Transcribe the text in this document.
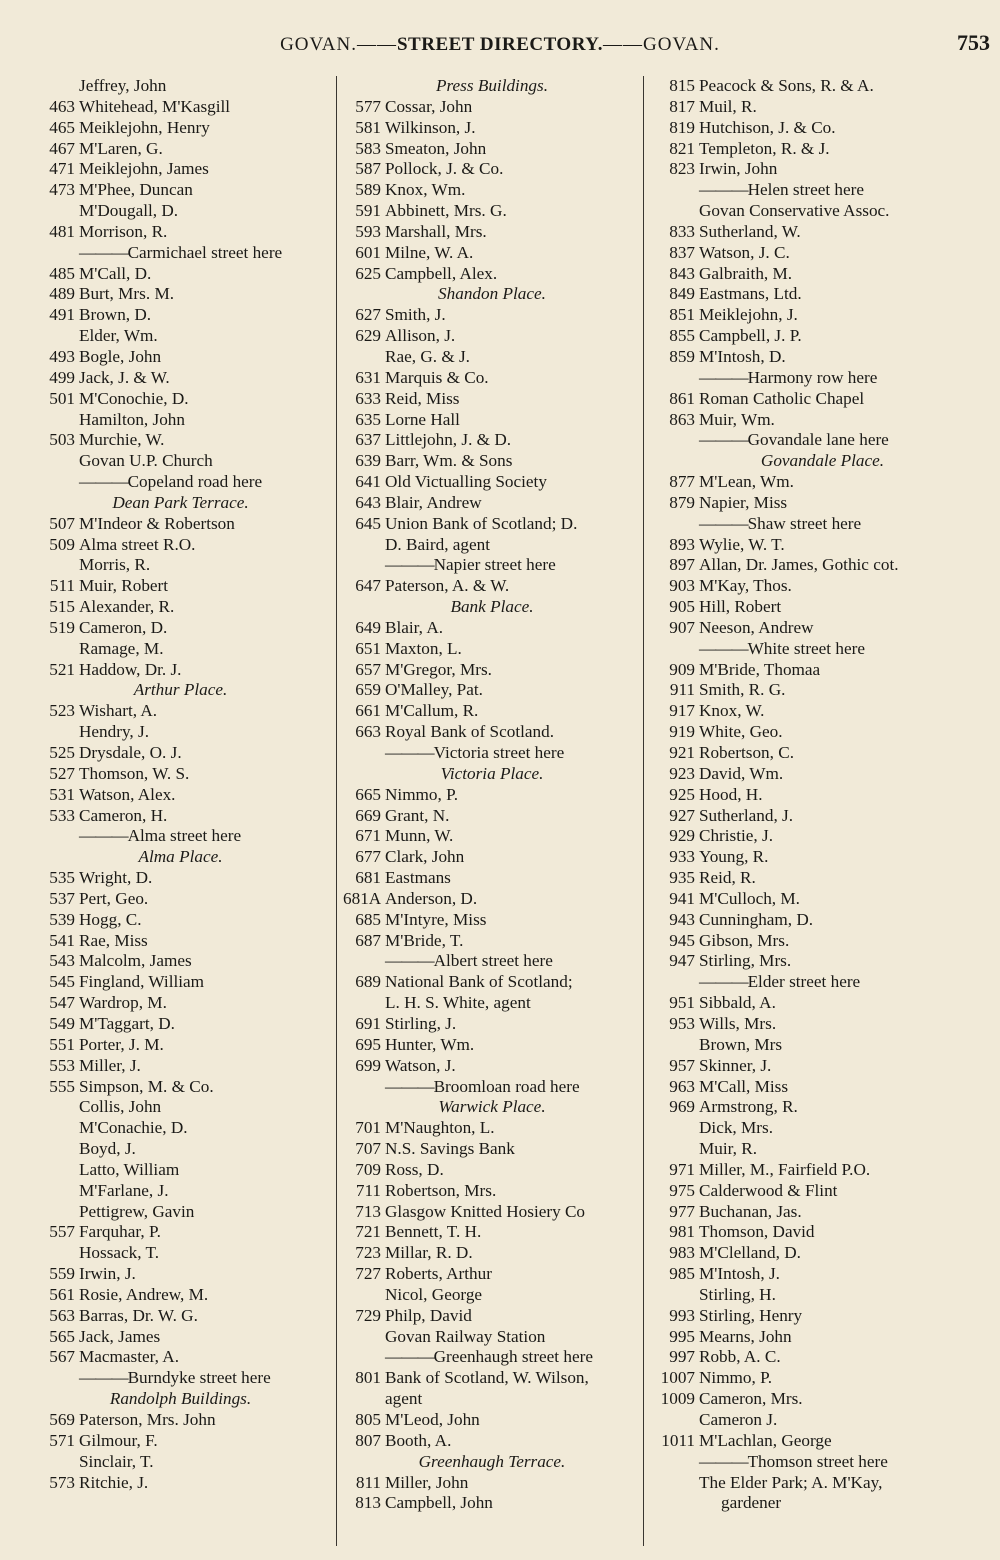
GOVAN.——STREET DIRECTORY.——GOVAN.	753
Jeffrey, John
463 Whitehead, M'Kasgill
465 Meiklejohn, Henry
467 M'Laren, G.
471 Meiklejohn, James
473 M'Phee, Duncan
M'Dougall, D.
481 Morrison, R.
——— Carmichael street here
485 M'Call, D.
489 Burt, Mrs. M.
491 Brown, D.
Elder, Wm.
493 Bogle, John
499 Jack, J. & W.
501 M'Conochie, D.
Hamilton, John
503 Murchie, W.
Govan U.P. Church
——— Copeland road here
Dean Park Terrace.
507 M'Indeor & Robertson
509 Alma street R.O.
Morris, R.
511 Muir, Robert
515 Alexander, R.
519 Cameron, D.
Ramage, M.
521 Haddow, Dr. J.
Arthur Place.
523 Wishart, A.
Hendry, J.
525 Drysdale, O. J.
527 Thomson, W. S.
531 Watson, Alex.
533 Cameron, H.
——— Alma street here
Alma Place.
535 Wright, D.
537 Pert, Geo.
539 Hogg, C.
541 Rae, Miss
543 Malcolm, James
545 Fingland, William
547 Wardrop, M.
549 M'Taggart, D.
551 Porter, J. M.
553 Miller, J.
555 Simpson, M. & Co.
Collis, John
M'Conachie, D.
Boyd, J.
Latto, William
M'Farlane, J.
Pettigrew, Gavin
557 Farquhar, P.
Hossack, T.
559 Irwin, J.
561 Rosie, Andrew, M.
563 Barras, Dr. W. G.
565 Jack, James
567 Macmaster, A.
——— Burndyke street here
Randolph Buildings.
569 Paterson, Mrs. John
571 Gilmour, F.
Sinclair, T.
573 Ritchie, J.
Press Buildings.
577 Cossar, John
581 Wilkinson, J.
583 Smeaton, John
587 Pollock, J. & Co.
589 Knox, Wm.
591 Abbinett, Mrs. G.
593 Marshall, Mrs.
601 Milne, W. A.
625 Campbell, Alex.
Shandon Place.
627 Smith, J.
629 Allison, J.
Rae, G. & J.
631 Marquis & Co.
633 Reid, Miss
635 Lorne Hall
637 Littlejohn, J. & D.
639 Barr, Wm. & Sons
641 Old Victualling Society
643 Blair, Andrew
645 Union Bank of Scotland; D.
D. Baird, agent
——— Napier street here
647 Paterson, A. & W.
Bank Place.
649 Blair, A.
651 Maxton, L.
657 M'Gregor, Mrs.
659 O'Malley, Pat.
661 M'Callum, R.
663 Royal Bank of Scotland.
——— Victoria street here
Victoria Place.
665 Nimmo, P.
669 Grant, N.
671 Munn, W.
677 Clark, John
681 Eastmans
681A Anderson, D.
685 M'Intyre, Miss
687 M'Bride, T.
——— Albert street here
689 National Bank of Scotland;
L. H. S. White, agent
691 Stirling, J.
695 Hunter, Wm.
699 Watson, J.
——— Broomloan road here
Warwick Place.
701 M'Naughton, L.
707 N.S. Savings Bank
709 Ross, D.
711 Robertson, Mrs.
713 Glasgow Knitted Hosiery Co
721 Bennett, T. H.
723 Millar, R. D.
727 Roberts, Arthur
Nicol, George
729 Philp, David
Govan Railway Station
——— Greenhaugh street here
801 Bank of Scotland, W. Wilson,
agent
805 M'Leod, John
807 Booth, A.
Greenhaugh Terrace.
811 Miller, John
813 Campbell, John
815 Peacock & Sons, R. & A.
817 Muil, R.
819 Hutchison, J. & Co.
821 Templeton, R. & J.
823 Irwin, John
——— Helen street here
Govan Conservative Assoc.
833 Sutherland, W.
837 Watson, J. C.
843 Galbraith, M.
849 Eastmans, Ltd.
851 Meiklejohn, J.
855 Campbell, J. P.
859 M'Intosh, D.
——— Harmony row here
861 Roman Catholic Chapel
863 Muir, Wm.
——— Govandale lane here
Govandale Place.
877 M'Lean, Wm.
879 Napier, Miss
——— Shaw street here
893 Wylie, W. T.
897 Allan, Dr. James, Gothic cot.
903 M'Kay, Thos.
905 Hill, Robert
907 Neeson, Andrew
——— White street here
909 M'Bride, Thomaa
911 Smith, R. G.
917 Knox, W.
919 White, Geo.
921 Robertson, C.
923 David, Wm.
925 Hood, H.
927 Sutherland, J.
929 Christie, J.
933 Young, R.
935 Reid, R.
941 M'Culloch, M.
943 Cunningham, D.
945 Gibson, Mrs.
947 Stirling, Mrs.
——— Elder street here
951 Sibbald, A.
953 Wills, Mrs.
Brown, Mrs
957 Skinner, J.
963 M'Call, Miss
969 Armstrong, R.
Dick, Mrs.
Muir, R.
971 Miller, M., Fairfield P.O.
975 Calderwood & Flint
977 Buchanan, Jas.
981 Thomson, David
983 M'Clelland, D.
985 M'Intosh, J.
Stirling, H.
993 Stirling, Henry
995 Mearns, John
997 Robb, A. C.
1007 Nimmo, P.
1009 Cameron, Mrs.
Cameron J.
1011 M'Lachlan, George
——— Thomson street here
The Elder Park; A. M'Kay,
gardener
